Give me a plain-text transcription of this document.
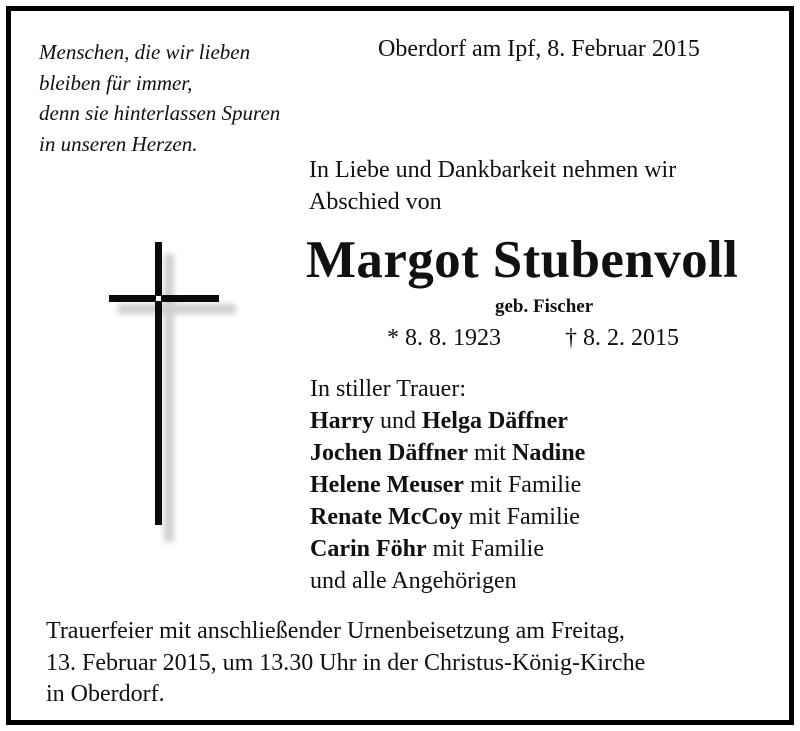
Menschen, die wir lieben
bleiben für immer,
denn sie hinterlassen Spuren
in unseren Herzen.
Oberdorf am Ipf, 8. Februar 2015
In Liebe und Dankbarkeit nehmen wir
Abschied von
Margot Stubenvoll
geb. Fischer
* 8. 8. 1923	† 8. 2. 2015
In stiller Trauer:
Harry und Helga Däffner
Jochen Däffner mit Nadine
Helene Meuser mit Familie
Renate McCoy mit Familie
Carin Föhr mit Familie
und alle Angehörigen
Trauerfeier mit anschließender Urnenbeisetzung am Freitag,
13. Februar 2015, um 13.30 Uhr in der Christus-König-Kirche
in Oberdorf.
